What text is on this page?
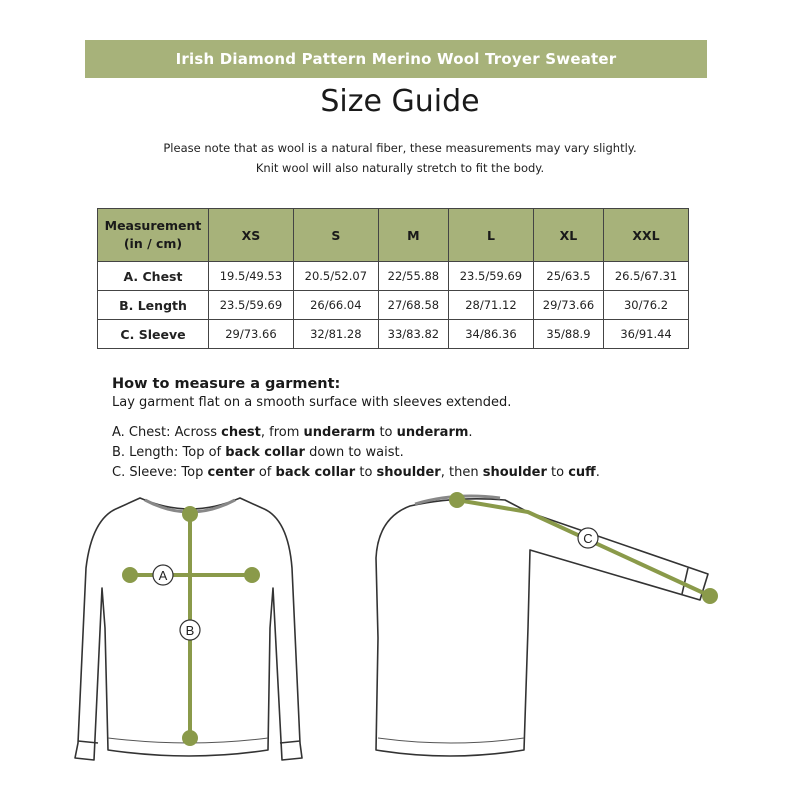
Irish Diamond Pattern Merino Wool Troyer Sweater
Size Guide
Please note that as wool is a natural fiber, these measurements may vary slightly.
Knit wool will also naturally stretch to fit the body.
Measurement
(in / cm)	XS	S	M	L	XL	XXL
A. Chest	19.5/49.53	20.5/52.07	22/55.88	23.5/59.69	25/63.5	26.5/67.31
B. Length	23.5/59.69	26/66.04	27/68.58	28/71.12	29/73.66	30/76.2
C. Sleeve	29/73.66	32/81.28	33/83.82	34/86.36	35/88.9	36/91.44
How to measure a garment:
Lay garment flat on a smooth surface with sleeves extended.
A. Chest: Across chest, from underarm to underarm.
B. Length: Top of back collar down to waist.
C. Sleeve: Top center of back collar to shoulder, then shoulder to cuff.
A
B
C
